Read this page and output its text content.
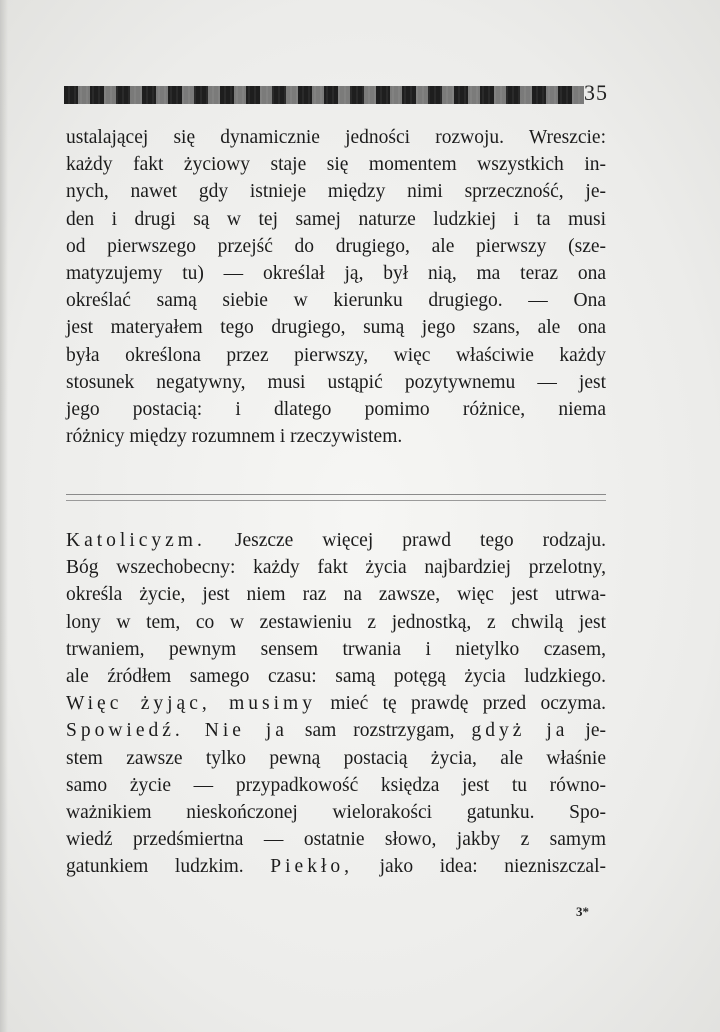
35
ustalającej się dynamicznie jedności rozwoju. Wreszcie:
każdy fakt życiowy staje się momentem wszystkich in-
nych, nawet gdy istnieje między nimi sprzeczność, je-
den i drugi są w tej samej naturze ludzkiej i ta musi
od pierwszego przejść do drugiego, ale pierwszy (sze-
matyzujemy tu) — określał ją, był nią, ma teraz ona
określać samą siebie w kierunku drugiego. — Ona
jest materyałem tego drugiego, sumą jego szans, ale ona
była określona przez pierwszy, więc właściwie każdy
stosunek negatywny, musi ustąpić pozytywnemu — jest
jego postacią: i dlatego pomimo różnice, niema
różnicy między rozumnem i rzeczywistem.
Katolicyzm. Jeszcze więcej prawd tego rodzaju.
Bóg wszechobecny: każdy fakt życia najbardziej przelotny,
określa życie, jest niem raz na zawsze, więc jest utrwa-
lony w tem, co w zestawieniu z jednostką, z chwilą jest
trwaniem, pewnym sensem trwania i nietylko czasem,
ale źródłem samego czasu: samą potęgą życia ludzkiego.
Więc żyjąc, musimy mieć tę prawdę przed oczyma.
Spowiedź. Nie ja sam rozstrzygam, gdyż ja je-
stem zawsze tylko pewną postacią życia, ale właśnie
samo życie — przypadkowość księdza jest tu równo-
ważnikiem nieskończonej wielorakości gatunku. Spo-
wiedź przedśmiertna — ostatnie słowo, jakby z samym
gatunkiem ludzkim. Piekło, jako idea: niezniszczal-
3*
